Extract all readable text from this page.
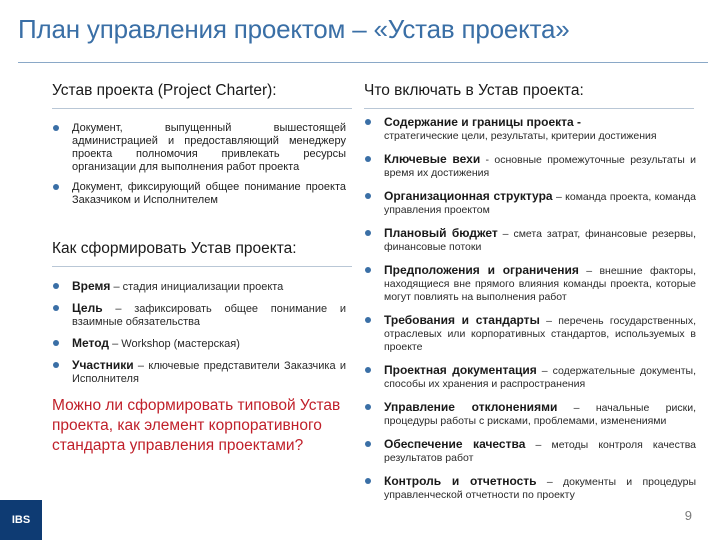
План управления проектом – «Устав проекта»
Устав проекта (Project Charter):
Документ, выпущенный вышестоящей администрацией и предоставляющий менеджеру проекта полномочия привлекать ресурсы организации для выполнения работ проекта
Документ, фиксирующий общее понимание проекта Заказчиком и Исполнителем
Как сформировать Устав проекта:
Время – стадия инициализации проекта
Цель – зафиксировать общее понимание и взаимные обязательства
Метод – Workshop (мастерская)
Участники – ключевые представители Заказчика и Исполнителя
Можно ли сформировать типовой Устав проекта, как элемент корпоративного стандарта управления проектами?
Что включать в Устав проекта:
Содержание и границы проекта -
стратегические цели, результаты, критерии достижения
Ключевые вехи - основные промежуточные результаты и время их достижения
Организационная структура – команда проекта, команда управления проектом
Плановый бюджет – смета затрат, финансовые резервы, финансовые потоки
Предположения и ограничения – внешние факторы, находящиеся вне прямого влияния команды проекта, которые могут повлиять на выполнения работ
Требования и стандарты – перечень государственных, отраслевых или корпоративных стандартов, используемых в проекте
Проектная документация – содержательные документы, способы их хранения и распространения
Управление отклонениями – начальные риски, процедуры работы с рисками, проблемами, изменениями
Обеспечение качества – методы контроля качества результатов работ
Контроль и отчетность – документы и процедуры управленческой отчетности по проекту
IBS	9
